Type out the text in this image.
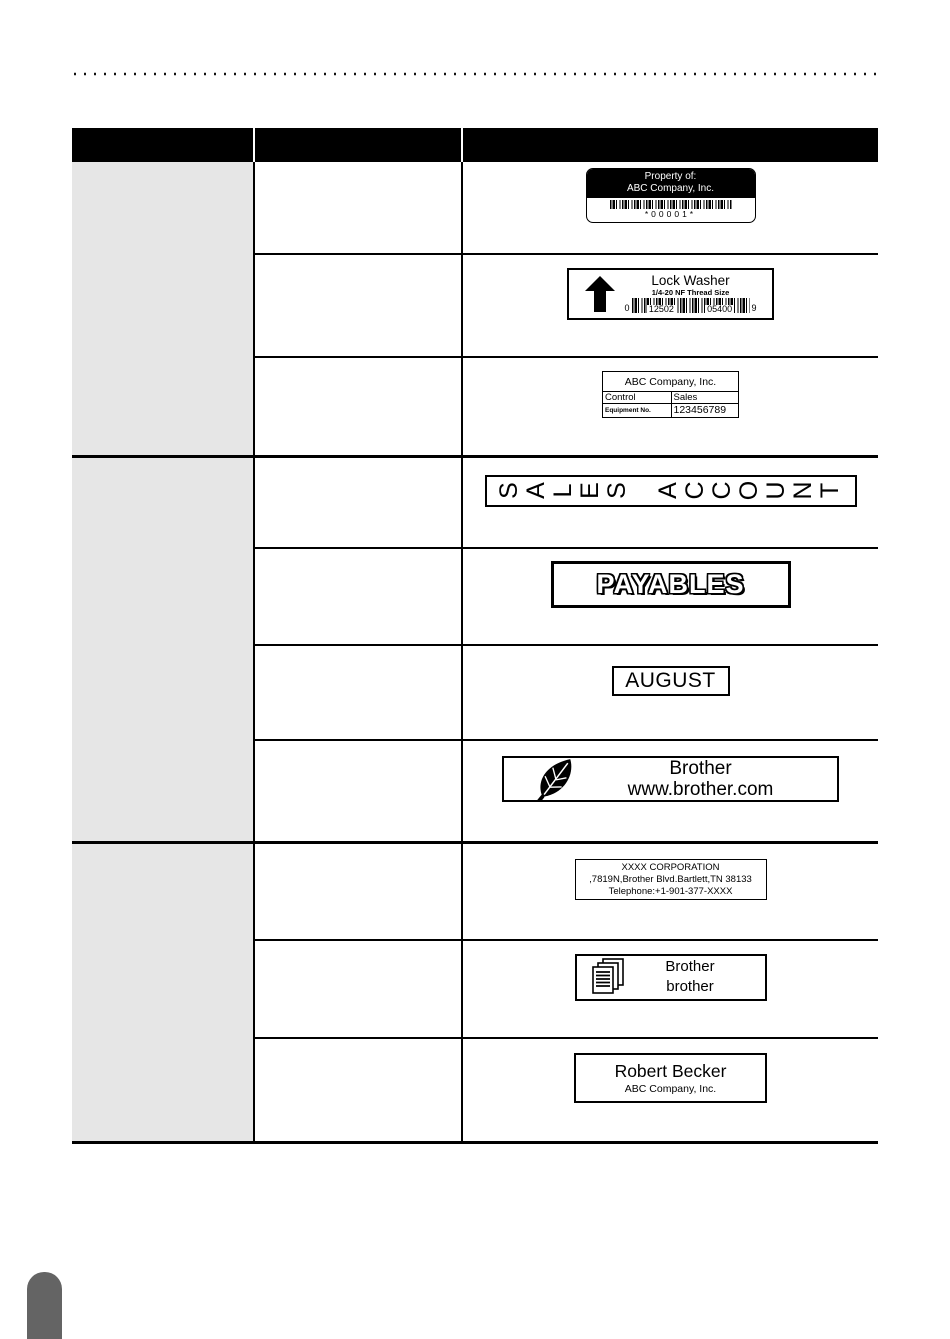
Property of:
ABC Company, Inc.
*00001*
Lock Washer
1/4-20 NF Thread Size
0 12502	05400 9
ABC Company, Inc.
Control	Sales
Equipment No.	123456789
S A L E S A C C O U N T
PAYABLES
AUGUST
Brother
www.brother.com
XXXX CORPORATION
,7819N,Brother Blvd.Bartlett,TN 38133
Telephone:+1-901-377-XXXX
Brother
brother
Robert Becker
ABC Company, Inc.
